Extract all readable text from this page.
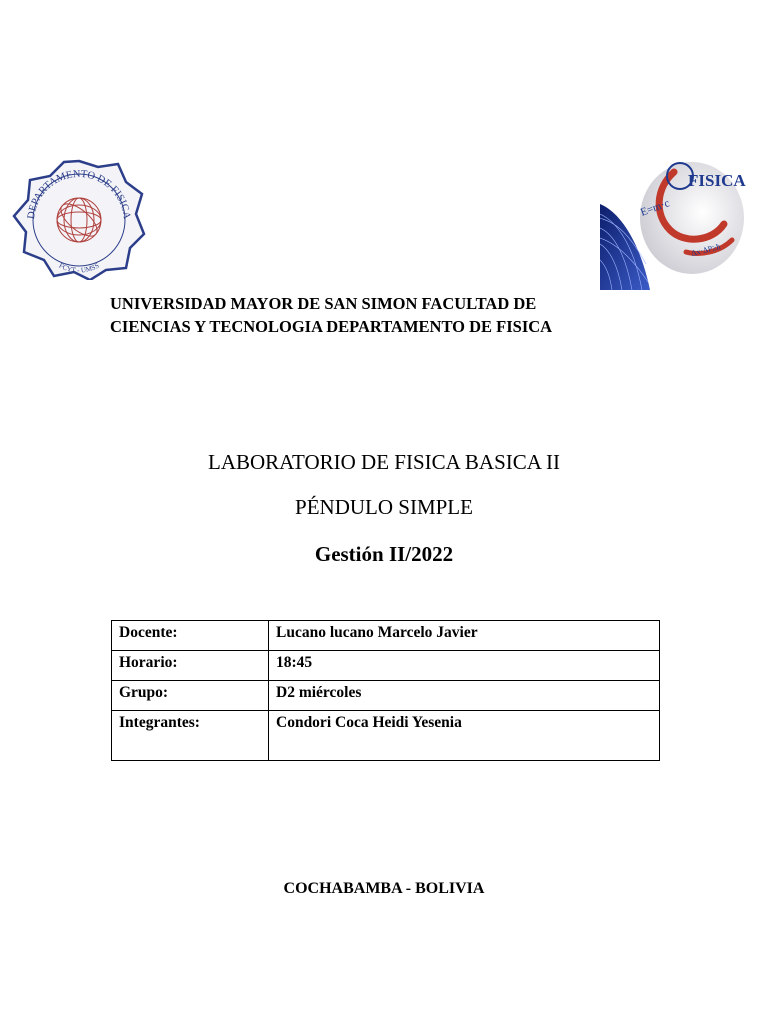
DEPARTAMENTO DE FISICA
FCYT - UMSS
FISICA
E=m·c
Δx·ΔP≥ħ
UNIVERSIDAD MAYOR DE SAN SIMON FACULTAD DE
CIENCIAS Y TECNOLOGIA DEPARTAMENTO DE FISICA
LABORATORIO DE FISICA BASICA II
PÉNDULO SIMPLE
Gestión II/2022
Docente:	Lucano lucano Marcelo Javier
Horario:	18:45
Grupo:	D2 miércoles
Integrantes:	Condori Coca Heidi Yesenia
COCHABAMBA - BOLIVIA
